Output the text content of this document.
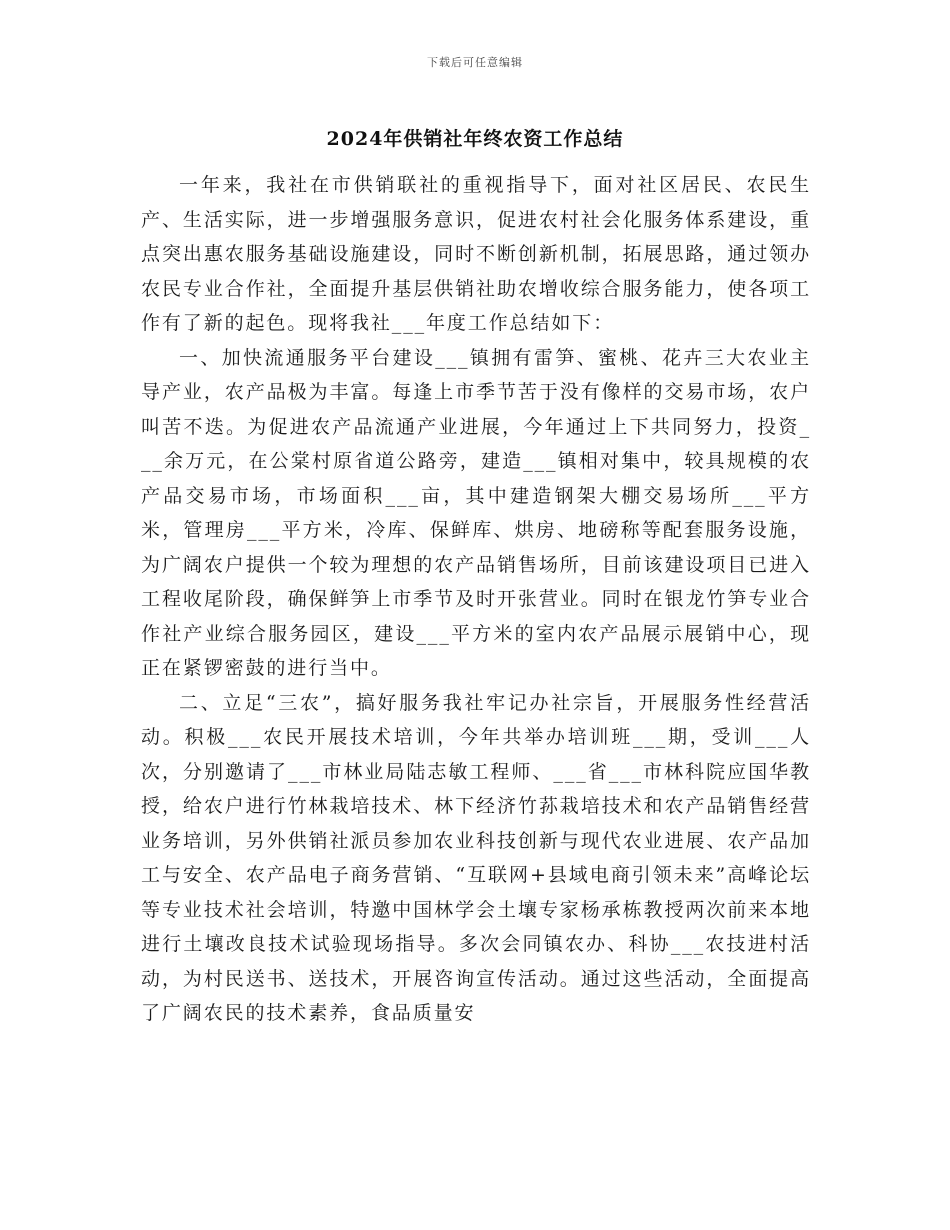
下载后可任意编辑
2024年供销社年终农资工作总结

一年来，我社在市供销联社的重视指导下，面对社区居民、农民生产、生活实际，进一步增强服务意识，促进农村社会化服务体系建设，重点突出惠农服务基础设施建设，同时不断创新机制，拓展思路，通过领办农民专业合作社，全面提升基层供销社助农增收综合服务能力，使各项工作有了新的起色。现将我社___年度工作总结如下：

一、加快流通服务平台建设___镇拥有雷笋、蜜桃、花卉三大农业主导产业，农产品极为丰富。每逢上市季节苦于没有像样的交易市场，农户叫苦不迭。为促进农产品流通产业进展，今年通过上下共同努力，投资___余万元，在公棠村原省道公路旁，建造___镇相对集中，较具规模的农产品交易市场，市场面积___亩，其中建造钢架大棚交易场所___平方米，管理房___平方米，冷库、保鲜库、烘房、地磅称等配套服务设施，为广阔农户提供一个较为理想的农产品销售场所，目前该建设项目已进入工程收尾阶段，确保鲜笋上市季节及时开张营业。同时在银龙竹笋专业合作社产业综合服务园区，建设___平方米的室内农产品展示展销中心，现正在紧锣密鼓的进行当中。

二、立足“三农”，搞好服务我社牢记办社宗旨，开展服务性经营活动。积极___农民开展技术培训，今年共举办培训班___期，受训___人次，分别邀请了___市林业局陆志敏工程师、___省___市林科院应国华教授，给农户进行竹林栽培技术、林下经济竹荪栽培技术和农产品销售经营业务培训，另外供销社派员参加农业科技创新与现代农业进展、农产品加工与安全、农产品电子商务营销、“互联网+县域电商引领未来”高峰论坛等专业技术社会培训，特邀中国林学会土壤专家杨承栋教授两次前来本地进行土壤改良技术试验现场指导。多次会同镇农办、科协___农技进村活动，为村民送书、送技术，开展咨询宣传活动。通过这些活动，全面提高了广阔农民的技术素养，食品质量安
